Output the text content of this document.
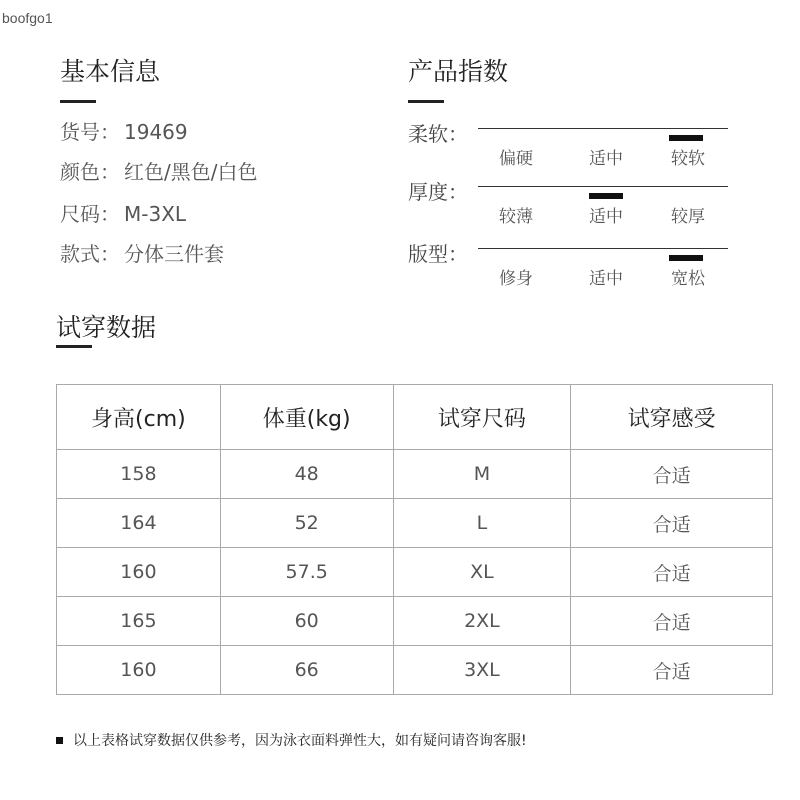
boofgo1
基本信息
货号： 19469
颜色： 红色/黑色/白色
尺码： M-3XL
款式： 分体三件套
产品指数
柔软：
偏硬	适中	较软
厚度：
较薄	适中	较厚
版型：
修身	适中	宽松
试穿数据
身高(cm)	体重(kg)	试穿尺码	试穿感受
158	48	M	合适
164	52	L	合适
160	57.5	XL	合适
165	60	2XL	合适
160	66	3XL	合适
以上表格试穿数据仅供参考，因为泳衣面料弹性大，如有疑问请咨询客服!
